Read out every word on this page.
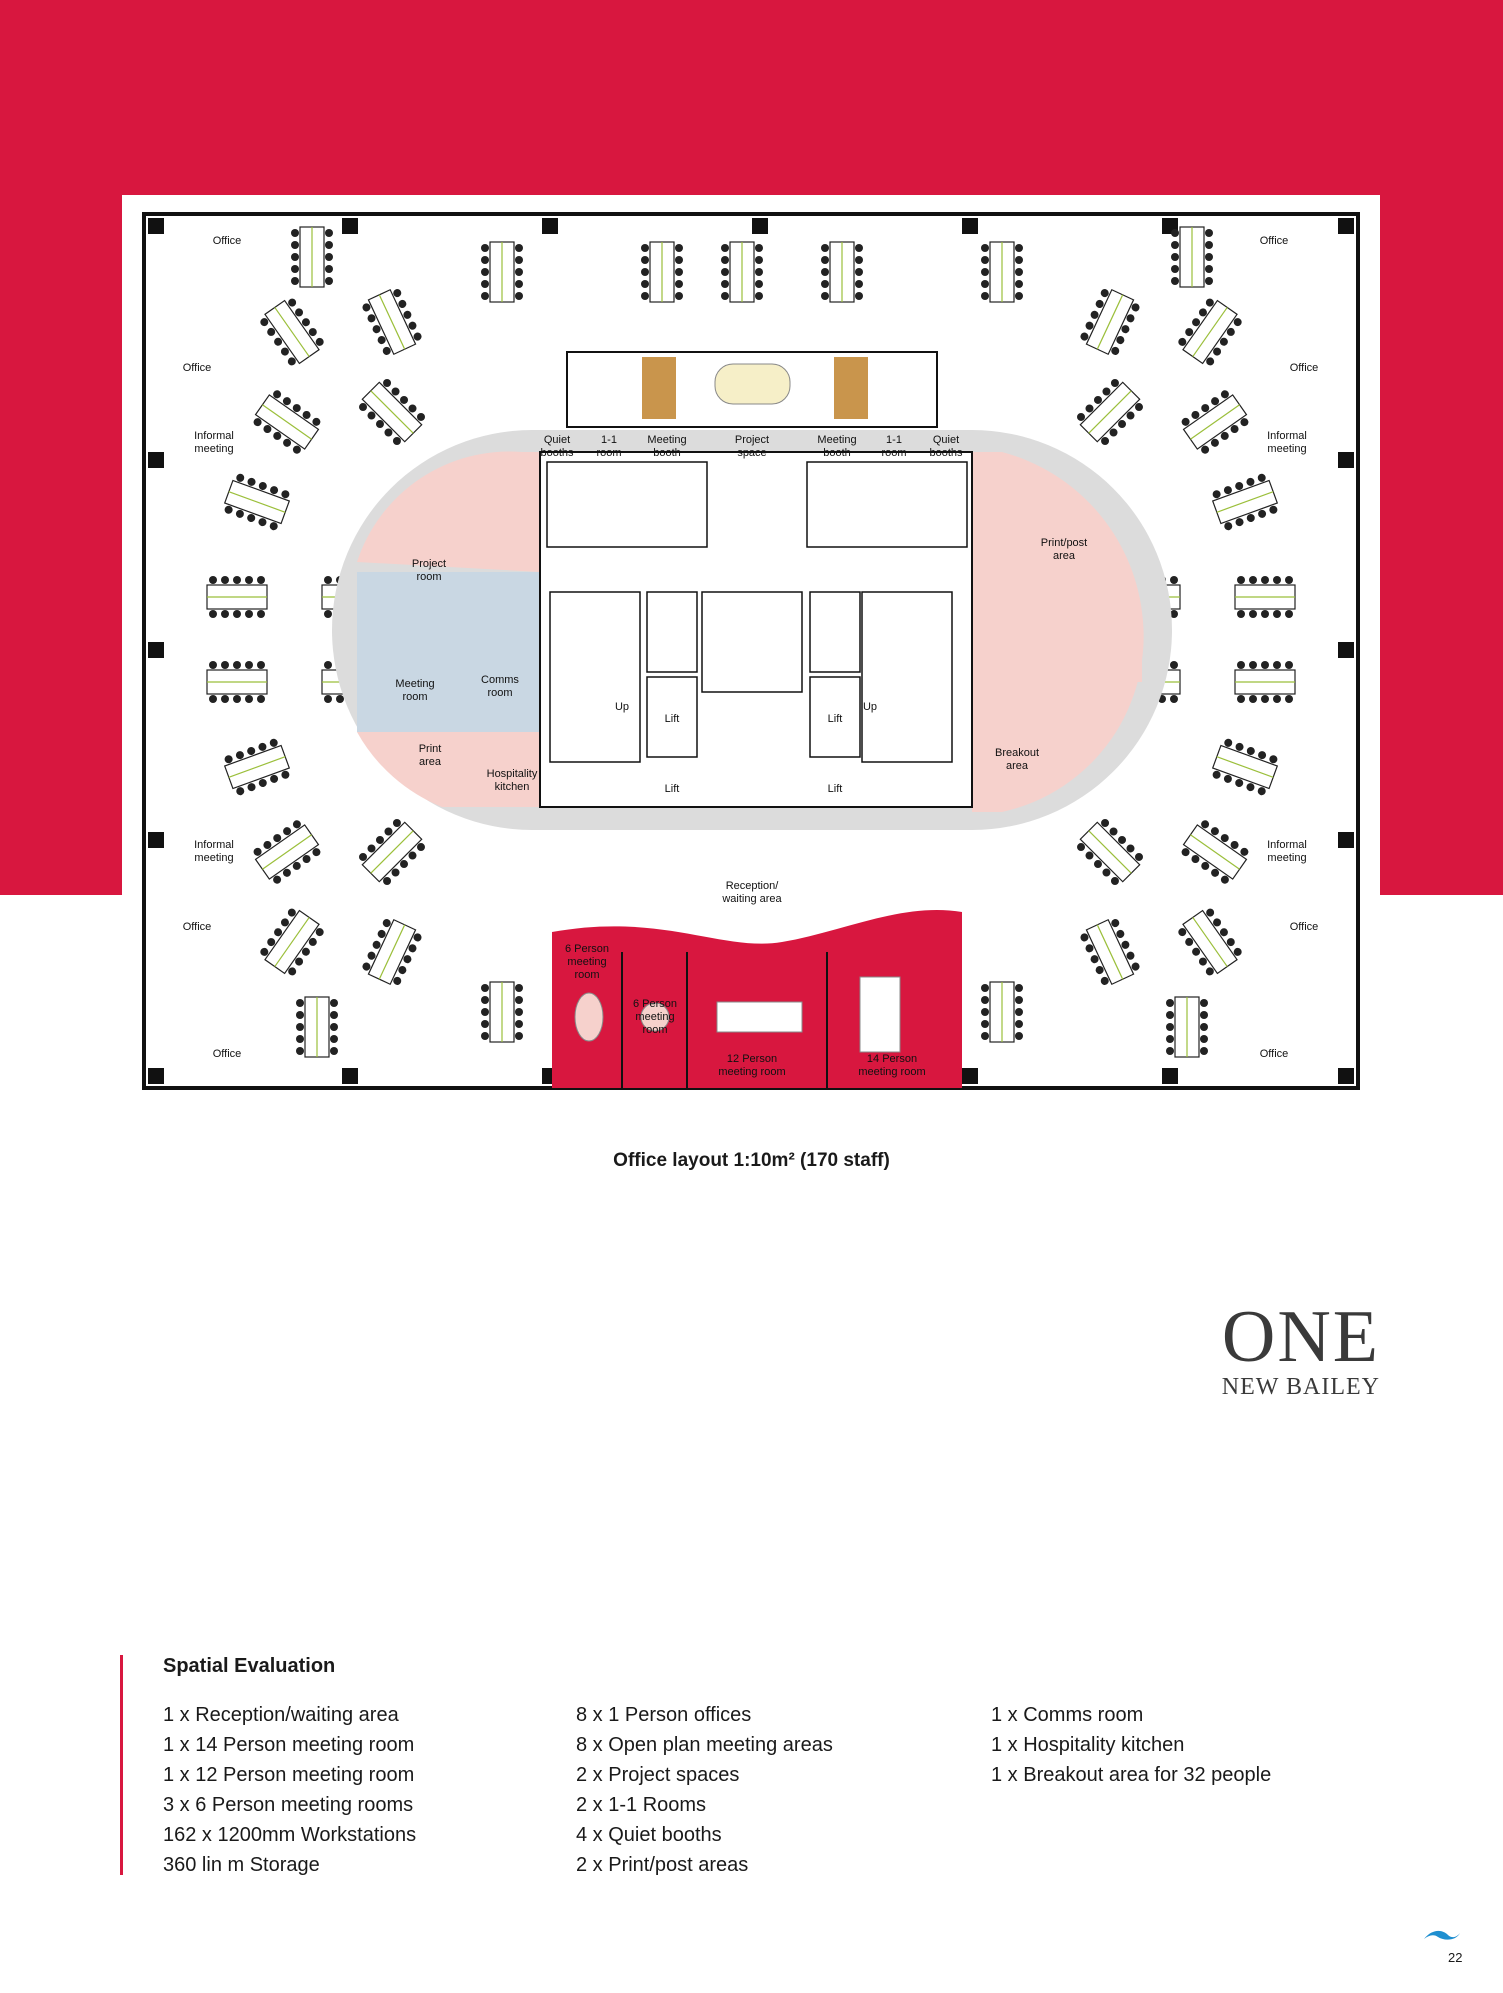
Office
Office
Office
Office
Office
Office
Office
Office
Informal
meeting
Informal
meeting
Informal
meeting
Informal
meeting
Quiet
booths
1-1
room
Meeting
booth
Project
space
Meeting
booth
1-1
room
Quiet
booths
Project
room
Meeting
room
Comms
room
Print
area
Hospitality
kitchen
Print/post
area
Breakout
area
Up	Up
Lift
Lift
Lift
Lift
Reception/
waiting area
6 Person
meeting
room
6 Person
meeting
room
12 Person
meeting room
14 Person
meeting room
Office layout 1:10m² (170 staff)
ONE
NEW BAILEY
Spatial Evaluation
1 x Reception/waiting area
1 x 14 Person meeting room
1 x 12 Person meeting room
3 x 6 Person meeting rooms
162 x 1200mm Workstations
360 lin m Storage
8 x 1 Person offices
8 x Open plan meeting areas
2 x Project spaces
2 x 1-1 Rooms
4 x Quiet booths
2 x Print/post areas
1 x Comms room
1 x Hospitality kitchen
1 x Breakout area for 32 people
22
